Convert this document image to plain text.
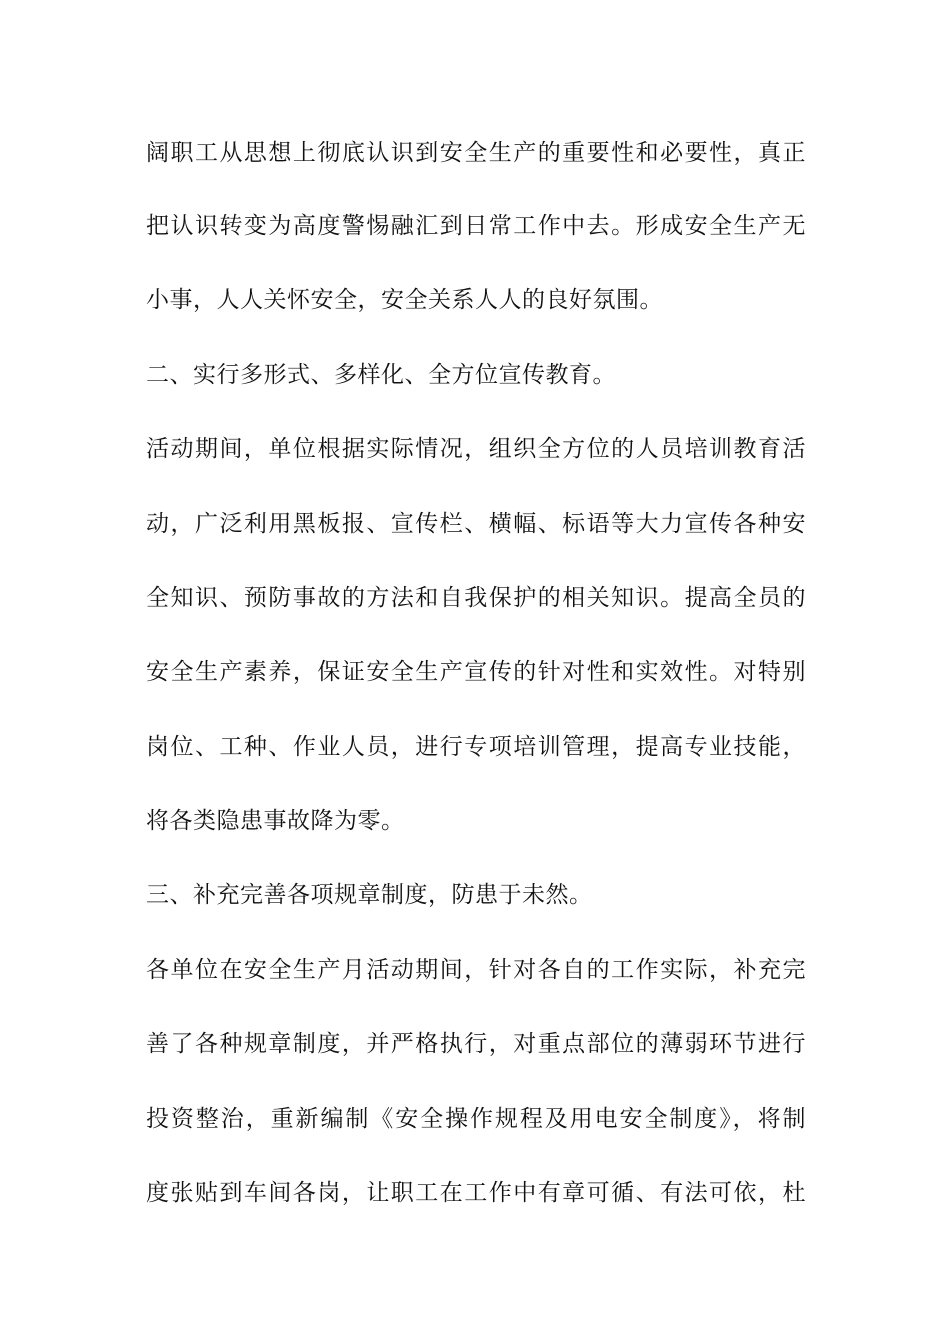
阔职工从思想上彻底认识到安全生产的重要性和必要性，真正
把认识转变为高度警惕融汇到日常工作中去。形成安全生产无
小事，人人关怀安全，安全关系人人的良好氛围。
二、实行多形式、多样化、全方位宣传教育。
活动期间，单位根据实际情况，组织全方位的人员培训教育活
动，广泛利用黑板报、宣传栏、横幅、标语等大力宣传各种安
全知识、预防事故的方法和自我保护的相关知识。提高全员的
安全生产素养，保证安全生产宣传的针对性和实效性。对特别
岗位、工种、作业人员，进行专项培训管理，提高专业技能，
将各类隐患事故降为零。
三、补充完善各项规章制度，防患于未然。
各单位在安全生产月活动期间，针对各自的工作实际，补充完
善了各种规章制度，并严格执行，对重点部位的薄弱环节进行
投资整治，重新编制《安全操作规程及用电安全制度》，将制
度张贴到车间各岗，让职工在工作中有章可循、有法可依，杜
